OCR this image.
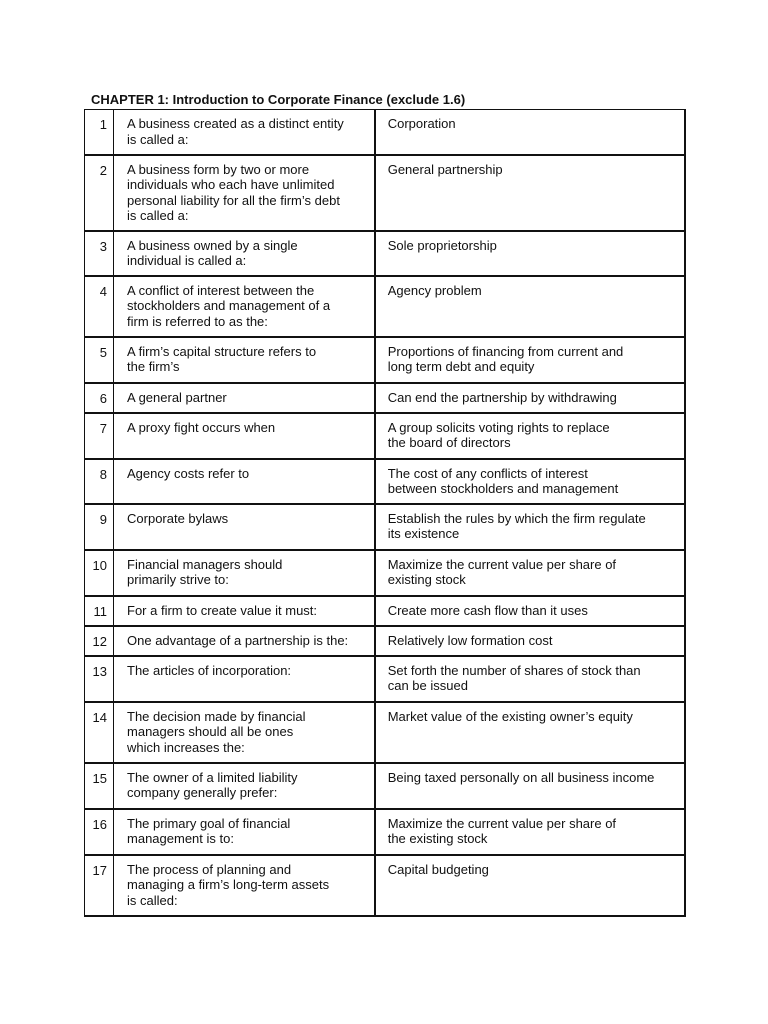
CHAPTER 1: Introduction to Corporate Finance (exclude 1.6)
1	A business created as a distinct entity
is called a:	Corporation
2	A business form by two or more
individuals who each have unlimited
personal liability for all the firm’s debt
is called a:	General partnership
3	A business owned by a single
individual is called a:	Sole proprietorship
4	A conflict of interest between the
stockholders and management of a
firm is referred to as the:	Agency problem
5	A firm’s capital structure refers to
the firm’s	Proportions of financing from current and
long term debt and equity
6	A general partner	Can end the partnership by withdrawing
7	A proxy fight occurs when	A group solicits voting rights to replace
the board of directors
8	Agency costs refer to	The cost of any conflicts of interest
between stockholders and management
9	Corporate bylaws	Establish the rules by which the firm regulate
its existence
10	Financial managers should
primarily strive to:	Maximize the current value per share of
existing stock
11	For a firm to create value it must:	Create more cash flow than it uses
12	One advantage of a partnership is the:	Relatively low formation cost
13	The articles of incorporation:	Set forth the number of shares of stock than
can be issued
14	The decision made by financial
managers should all be ones
which increases the:	Market value of the existing owner’s equity
15	The owner of a limited liability
company generally prefer:	Being taxed personally on all business income
16	The primary goal of financial
management is to:	Maximize the current value per share of
the existing stock
17	The process of planning and
managing a firm’s long-term assets
is called:	Capital budgeting
